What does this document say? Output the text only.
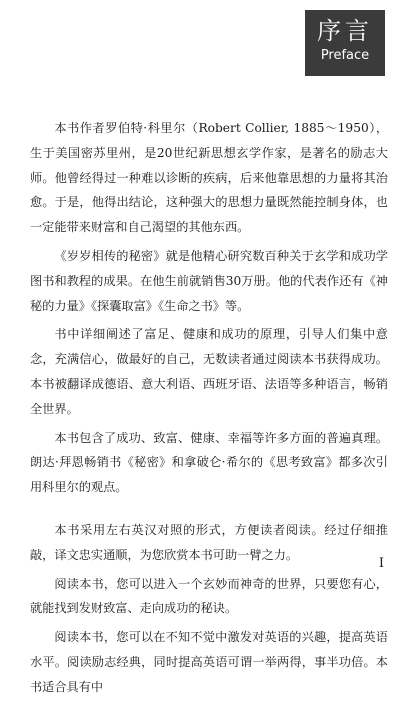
序言
Preface

本书作者罗伯特·科里尔（Robert Collier, 1885～1950），生于美国密苏里州，是20世纪新思想玄学作家，是著名的励志大师。他曾经得过一种难以诊断的疾病，后来他靠思想的力量将其治愈。于是，他得出结论，这种强大的思想力量既然能控制身体，也一定能带来财富和自己渴望的其他东西。

《岁岁相传的秘密》就是他精心研究数百种关于玄学和成功学图书和教程的成果。在他生前就销售30万册。他的代表作还有《神秘的力量》《探囊取富》《生命之书》等。

书中详细阐述了富足、健康和成功的原理，引导人们集中意念，充满信心，做最好的自己，无数读者通过阅读本书获得成功。本书被翻译成德语、意大利语、西班牙语、法语等多种语言，畅销全世界。

本书包含了成功、致富、健康、幸福等许多方面的普遍真理。朗达·拜恩畅销书《秘密》和拿破仑·希尔的《思考致富》都多次引用科里尔的观点。

本书采用左右英汉对照的形式，方便读者阅读。经过仔细推敲，译文忠实通顺，为您欣赏本书可助一臂之力。

阅读本书，您可以进入一个玄妙而神奇的世界，只要您有心，就能找到发财致富、走向成功的秘诀。

阅读本书，您可以在不知不觉中激发对英语的兴趣，提高英语水平。阅读励志经典，同时提高英语可谓一举两得，事半功倍。本书适合具有中

I
